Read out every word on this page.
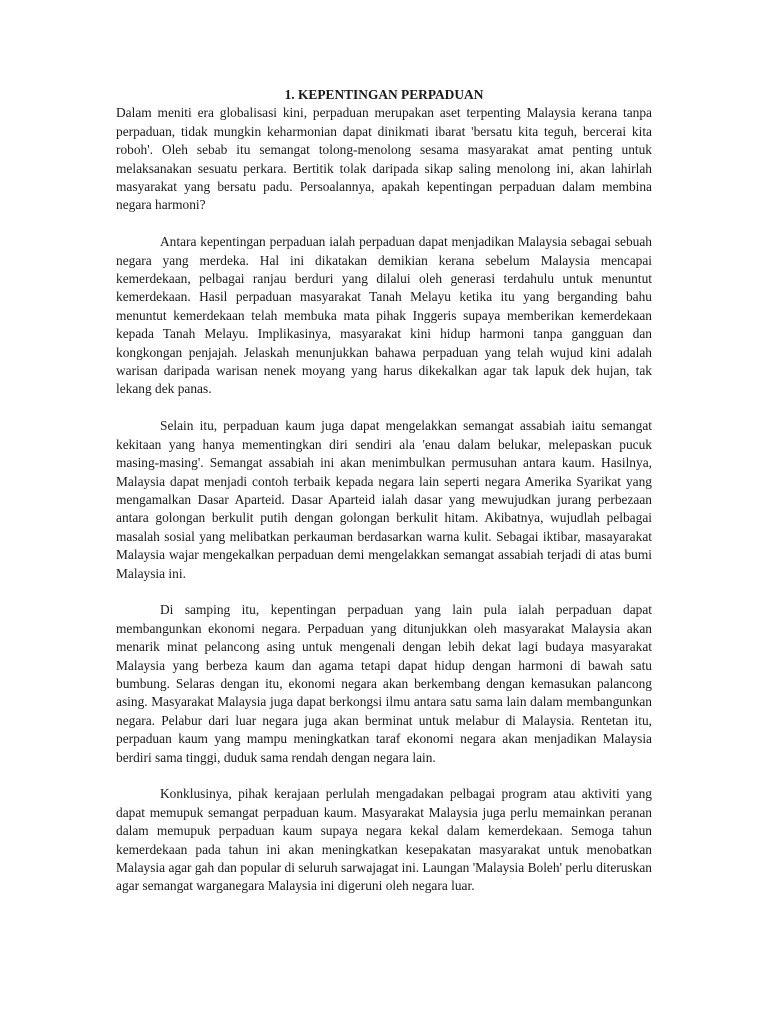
1. KEPENTINGAN PERPADUAN

Dalam meniti era globalisasi kini, perpaduan merupakan aset terpenting Malaysia kerana tanpa perpaduan, tidak mungkin keharmonian dapat dinikmati ibarat 'bersatu kita teguh, bercerai kita roboh'. Oleh sebab itu semangat tolong-menolong sesama masyarakat amat penting untuk melaksanakan sesuatu perkara. Bertitik tolak daripada sikap saling menolong ini, akan lahirlah masyarakat yang bersatu padu. Persoalannya, apakah kepentingan perpaduan dalam membina negara harmoni?

Antara kepentingan perpaduan ialah perpaduan dapat menjadikan Malaysia sebagai sebuah negara yang merdeka. Hal ini dikatakan demikian kerana sebelum Malaysia mencapai kemerdekaan, pelbagai ranjau berduri yang dilalui oleh generasi terdahulu untuk menuntut kemerdekaan. Hasil perpaduan masyarakat Tanah Melayu ketika itu yang berganding bahu menuntut kemerdekaan telah membuka mata pihak Inggeris supaya memberikan kemerdekaan kepada Tanah Melayu. Implikasinya, masyarakat kini hidup harmoni tanpa gangguan dan kongkongan penjajah. Jelaskah menunjukkan bahawa perpaduan yang telah wujud kini adalah warisan daripada warisan nenek moyang yang harus dikekalkan agar tak lapuk dek hujan, tak lekang dek panas.

Selain itu, perpaduan kaum juga dapat mengelakkan semangat assabiah iaitu semangat kekitaan yang hanya mementingkan diri sendiri ala 'enau dalam belukar, melepaskan pucuk masing-masing'. Semangat assabiah ini akan menimbulkan permusuhan antara kaum. Hasilnya, Malaysia dapat menjadi contoh terbaik kepada negara lain seperti negara Amerika Syarikat yang mengamalkan Dasar Aparteid. Dasar Aparteid ialah dasar yang mewujudkan jurang perbezaan antara golongan berkulit putih dengan golongan berkulit hitam. Akibatnya, wujudlah pelbagai masalah sosial yang melibatkan perkauman berdasarkan warna kulit. Sebagai iktibar, masayarakat Malaysia wajar mengekalkan perpaduan demi mengelakkan semangat assabiah terjadi di atas bumi Malaysia ini.

Di samping itu, kepentingan perpaduan yang lain pula ialah perpaduan dapat membangunkan ekonomi negara. Perpaduan yang ditunjukkan oleh masyarakat Malaysia akan menarik minat pelancong asing untuk mengenali dengan lebih dekat lagi budaya masyarakat Malaysia yang berbeza kaum dan agama tetapi dapat hidup dengan harmoni di bawah satu bumbung. Selaras dengan itu, ekonomi negara akan berkembang dengan kemasukan palancong asing. Masyarakat Malaysia juga dapat berkongsi ilmu antara satu sama lain dalam membangunkan negara. Pelabur dari luar negara juga akan berminat untuk melabur di Malaysia. Rentetan itu, perpaduan kaum yang mampu meningkatkan taraf ekonomi negara akan menjadikan Malaysia berdiri sama tinggi, duduk sama rendah dengan negara lain.

Konklusinya, pihak kerajaan perlulah mengadakan pelbagai program atau aktiviti yang dapat memupuk semangat perpaduan kaum. Masyarakat Malaysia juga perlu memainkan peranan dalam memupuk perpaduan kaum supaya negara kekal dalam kemerdekaan. Semoga tahun kemerdekaan pada tahun ini akan meningkatkan kesepakatan masyarakat untuk menobatkan Malaysia agar gah dan popular di seluruh sarwajagat ini. Laungan 'Malaysia Boleh' perlu diteruskan agar semangat warganegara Malaysia ini digeruni oleh negara luar.
